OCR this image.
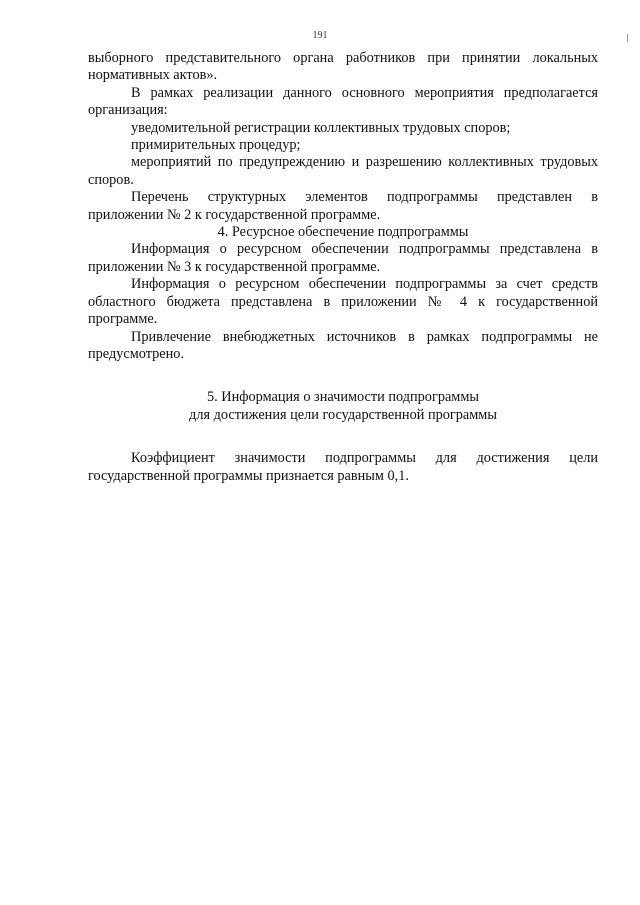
191

выборного представительного органа работников при принятии локальных нормативных актов».

В рамках реализации данного основного мероприятия предполагается организация:

уведомительной регистрации коллективных трудовых споров;

примирительных процедур;

мероприятий по предупреждению и разрешению коллективных трудовых споров.

Перечень структурных элементов подпрограммы представлен в приложении № 2 к государственной программе.

4. Ресурсное обеспечение подпрограммы

Информация о ресурсном обеспечении подпрограммы представлена в приложении № 3 к государственной программе.

Информация о ресурсном обеспечении подпрограммы за счет средств областного бюджета представлена в приложении № 4 к государственной программе.

Привлечение внебюджетных источников в рамках подпрограммы не предусмотрено.

5. Информация о значимости подпрограммы
для достижения цели государственной программы

Коэффициент значимости подпрограммы для достижения цели государственной программы признается равным 0,1.
